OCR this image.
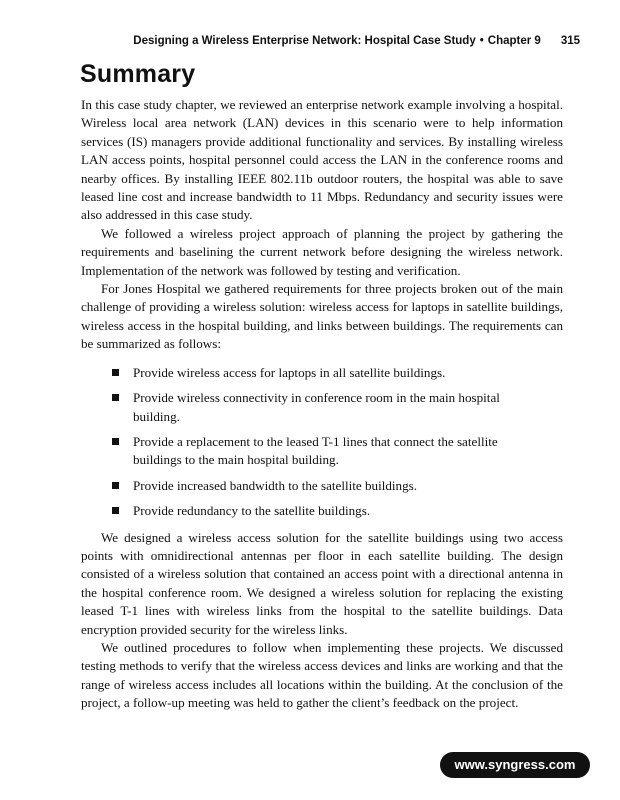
Designing a Wireless Enterprise Network: Hospital Case Study • Chapter 9 315
Summary

In this case study chapter, we reviewed an enterprise network example involving a hospital. Wireless local area network (LAN) devices in this scenario were to help information services (IS) managers provide additional functionality and services. By installing wireless LAN access points, hospital personnel could access the LAN in the conference rooms and nearby offices. By installing IEEE 802.11b outdoor routers, the hospital was able to save leased line cost and increase bandwidth to 11 Mbps. Redundancy and security issues were also addressed in this case study.

We followed a wireless project approach of planning the project by gathering the requirements and baselining the current network before designing the wireless network. Implementation of the network was followed by testing and verification.

For Jones Hospital we gathered requirements for three projects broken out of the main challenge of providing a wireless solution: wireless access for laptops in satellite buildings, wireless access in the hospital building, and links between buildings. The requirements can be summarized as follows:

Provide wireless access for laptops in all satellite buildings.
Provide wireless connectivity in conference room in the main hospital building.
Provide a replacement to the leased T-1 lines that connect the satellite buildings to the main hospital building.
Provide increased bandwidth to the satellite buildings.
Provide redundancy to the satellite buildings.

We designed a wireless access solution for the satellite buildings using two access points with omnidirectional antennas per floor in each satellite building. The design consisted of a wireless solution that contained an access point with a directional antenna in the hospital conference room. We designed a wireless solution for replacing the existing leased T-1 lines with wireless links from the hospital to the satellite buildings. Data encryption provided security for the wireless links.

We outlined procedures to follow when implementing these projects. We discussed testing methods to verify that the wireless access devices and links are working and that the range of wireless access includes all locations within the building. At the conclusion of the project, a follow-up meeting was held to gather the client’s feedback on the project.

www.syngress.com
